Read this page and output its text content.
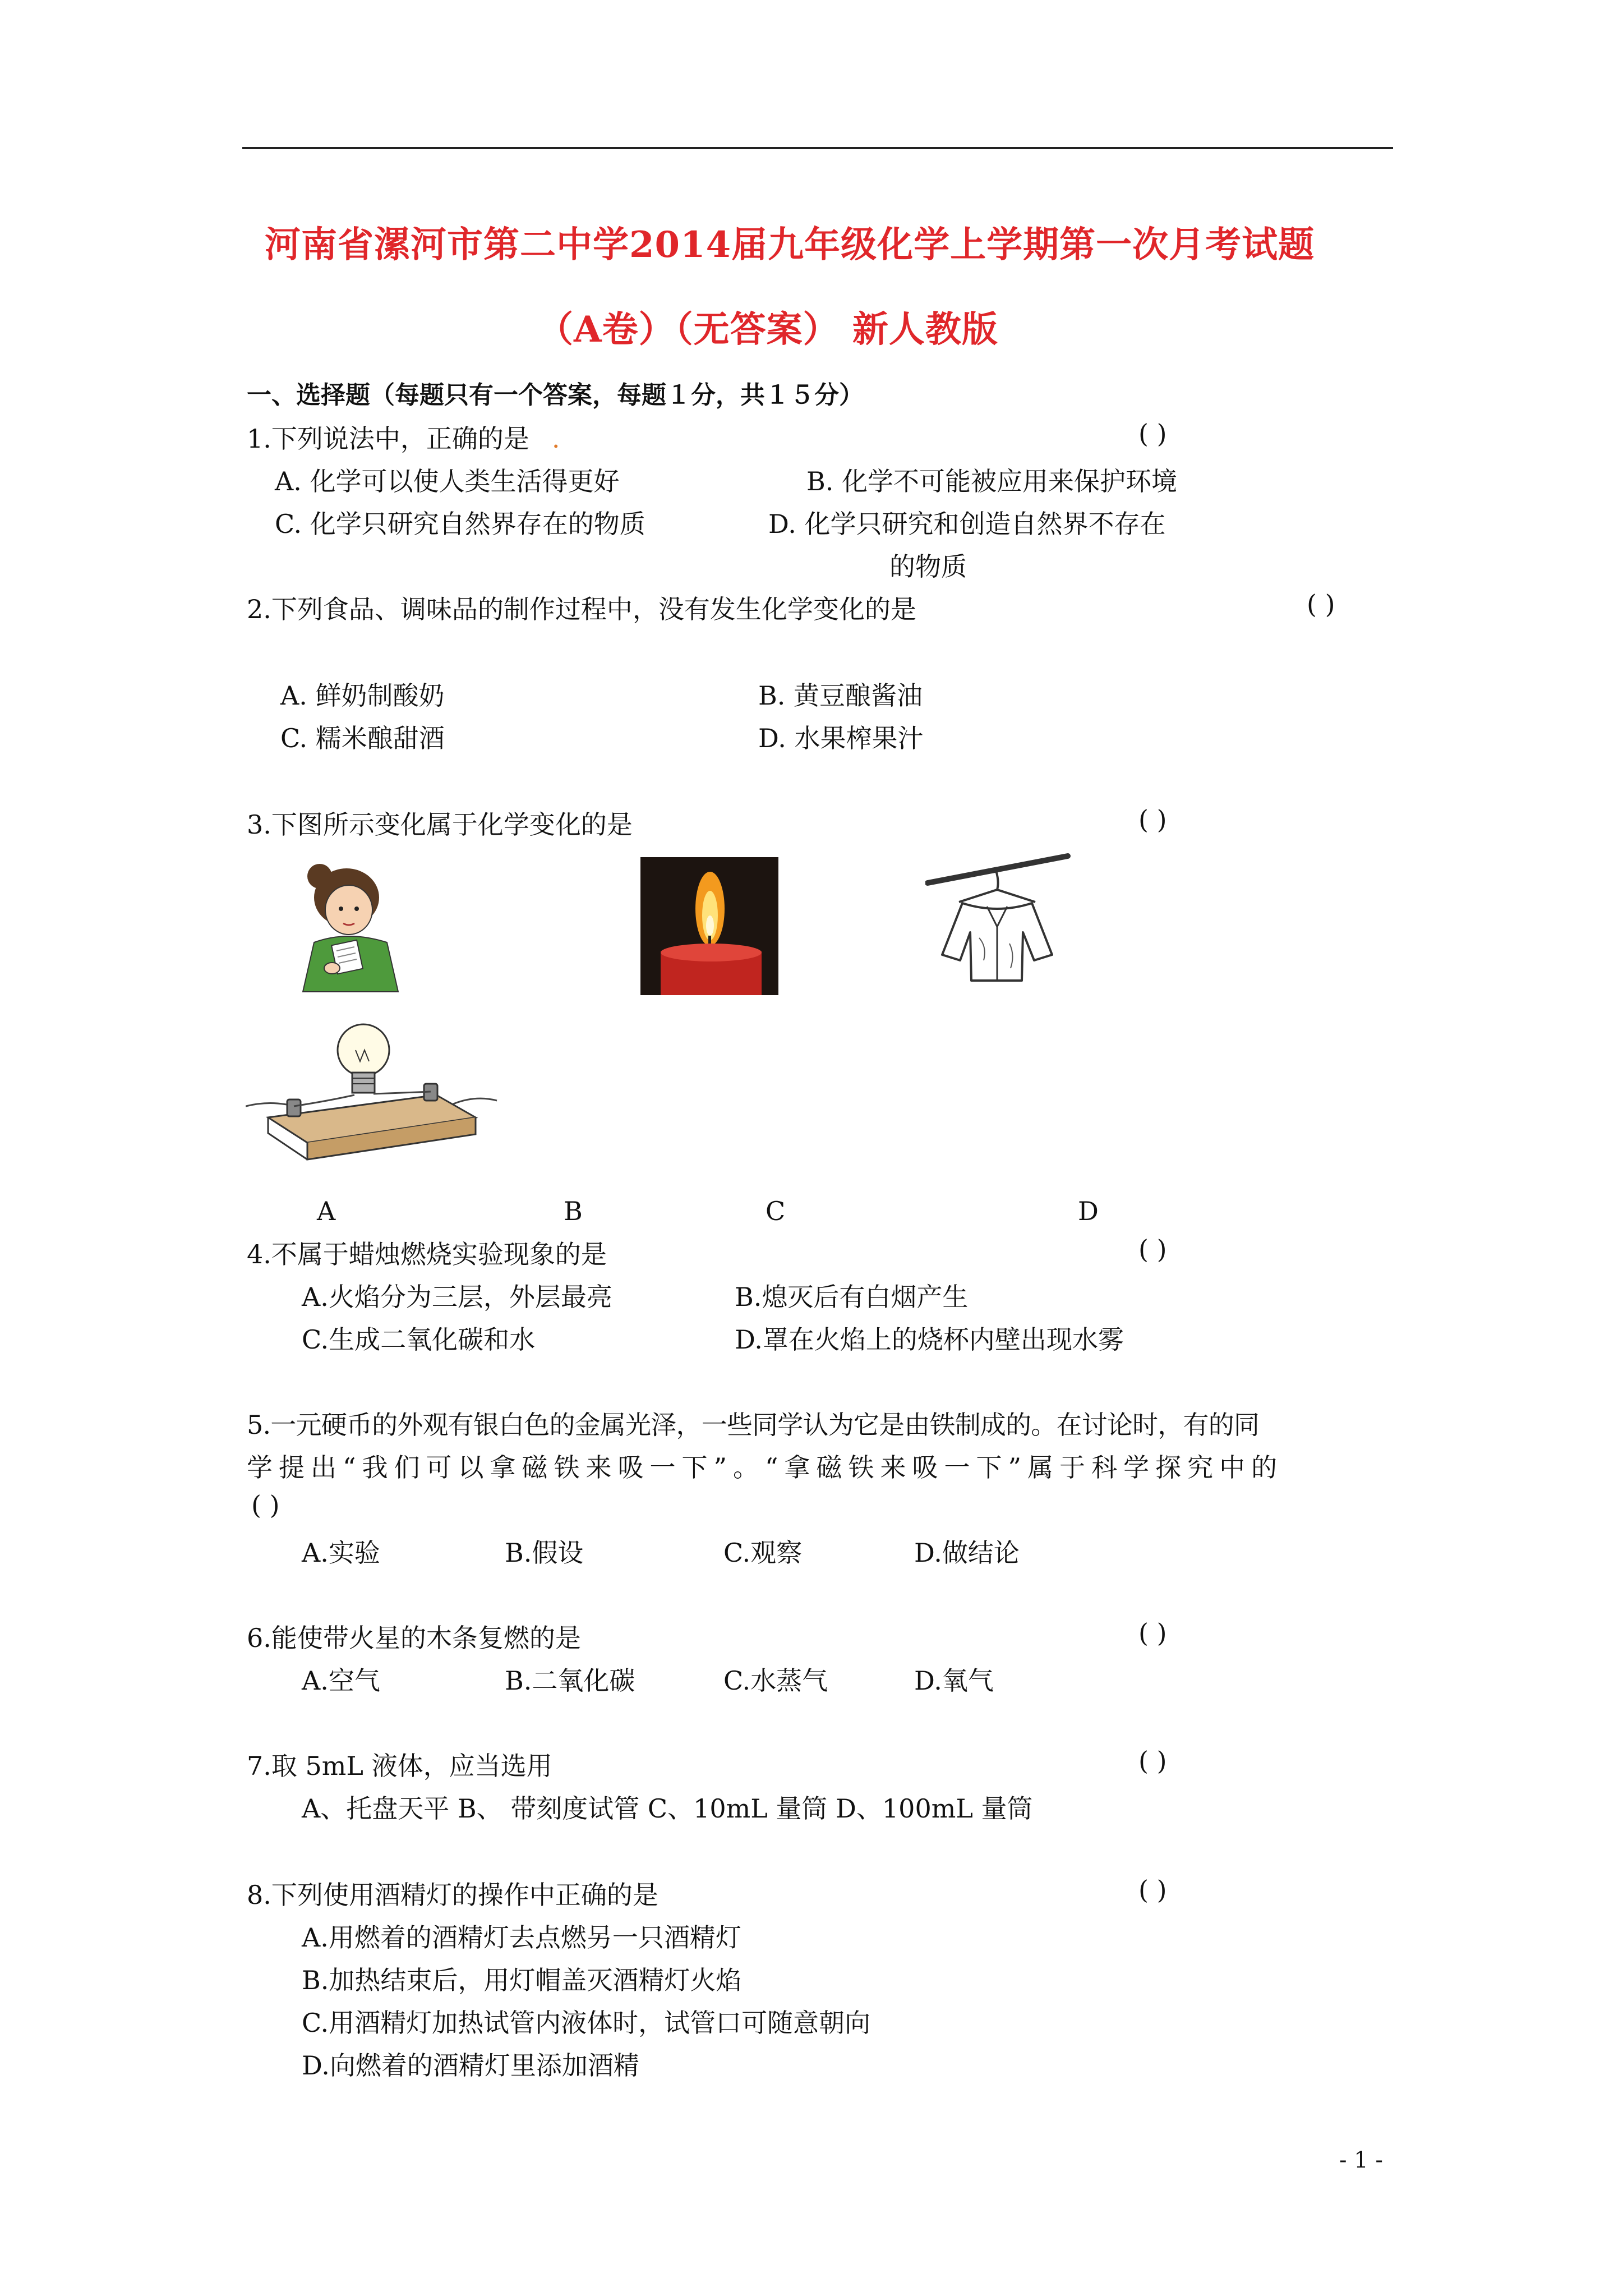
河南省漯河市第二中学2014届九年级化学上学期第一次月考试题
（A卷）（无答案） 新人教版
一、选择题（每题只有一个答案，每题１分，共１５分）
1.下列说法中，正确的是 .	( )
A. 化学可以使人类生活得更好	B. 化学不可能被应用来保护环境
C. 化学只研究自然界存在的物质	D. 化学只研究和创造自然界不存在
的物质
2.下列食品、调味品的制作过程中，没有发生化学变化的是	( )
A. 鲜奶制酸奶	B. 黄豆酿酱油
C. 糯米酿甜酒	D. 水果榨果汁
3.下图所示变化属于化学变化的是	( )
A	B	C	D
4.不属于蜡烛燃烧实验现象的是	( )
A.火焰分为三层，外层最亮	B.熄灭后有白烟产生
C.生成二氧化碳和水	D.罩在火焰上的烧杯内壁出现水雾
5.一元硬币的外观有银白色的金属光泽，一些同学认为它是由铁制成的。在讨论时，有的同
学提出“我们可以拿磁铁来吸一下”。“拿磁铁来吸一下”属于科学探究中的
( )
A.实验	B.假设	C.观察	D.做结论
6.能使带火星的木条复燃的是	( )
A.空气	B.二氧化碳	C.水蒸气	D.氧气
7.取 5mL 液体，应当选用	( )
A、托盘天平 B、 带刻度试管 C、10mL 量筒 D、100mL 量筒
8.下列使用酒精灯的操作中正确的是	( )
A.用燃着的酒精灯去点燃另一只酒精灯
B.加热结束后，用灯帽盖灭酒精灯火焰
C.用酒精灯加热试管内液体时，试管口可随意朝向
D.向燃着的酒精灯里添加酒精
- 1 -
